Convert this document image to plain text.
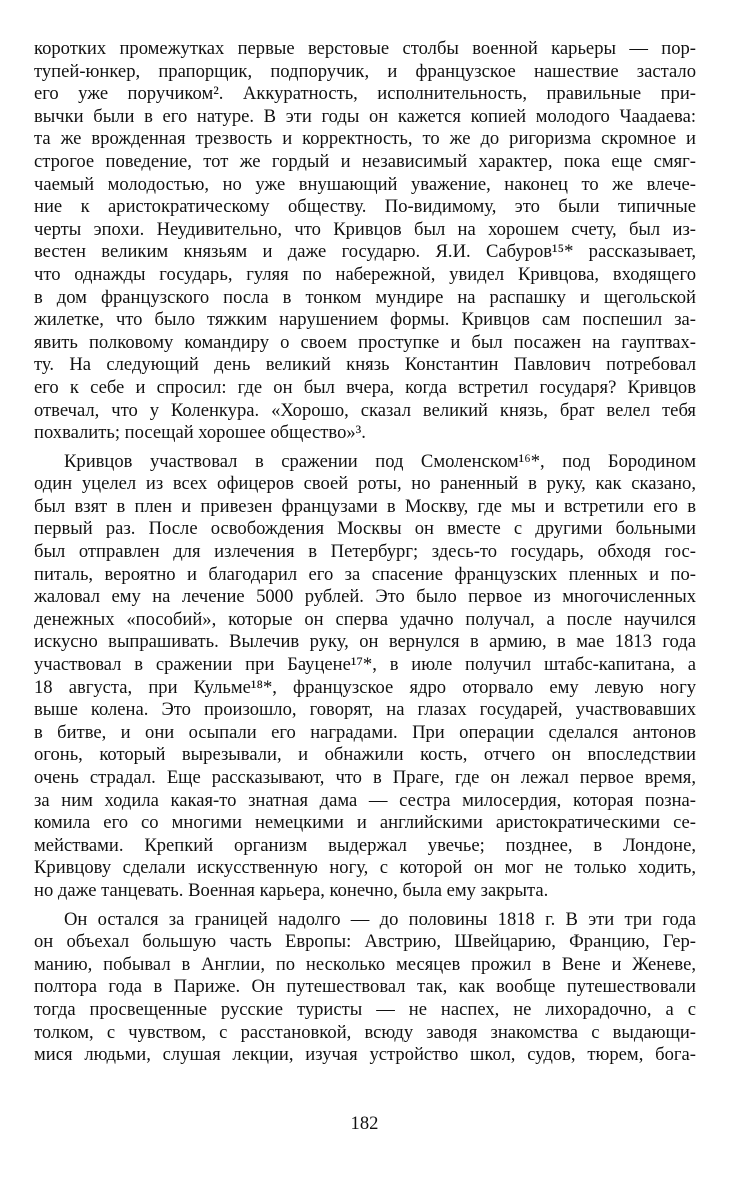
коротких промежутках первые верстовые столбы военной карьеры — пор-
тупей-юнкер, прапорщик, подпоручик, и французское нашествие застало
его уже поручиком². Аккуратность, исполнительность, правильные при-
вычки были в его натуре. В эти годы он кажется копией молодого Чаадаева:
та же врожденная трезвость и корректность, то же до ригоризма скромное и
строгое поведение, тот же гордый и независимый характер, пока еще смяг-
чаемый молодостью, но уже внушающий уважение, наконец то же влече-
ние к аристократическому обществу. По-видимому, это были типичные
черты эпохи. Неудивительно, что Кривцов был на хорошем счету, был из-
вестен великим князьям и даже государю. Я.И. Сабуров¹⁵* рассказывает,
что однажды государь, гуляя по набережной, увидел Кривцова, входящего
в дом французского посла в тонком мундире на распашку и щегольской
жилетке, что было тяжким нарушением формы. Кривцов сам поспешил за-
явить полковому командиру о своем проступке и был посажен на гауптвах-
ту. На следующий день великий князь Константин Павлович потребовал
его к себе и спросил: где он был вчера, когда встретил государя? Кривцов
отвечал, что у Коленкура. «Хорошо, сказал великий князь, брат велел тебя
похвалить; посещай хорошее общество»³.
Кривцов участвовал в сражении под Смоленском¹⁶*, под Бородином
один уцелел из всех офицеров своей роты, но раненный в руку, как сказано,
был взят в плен и привезен французами в Москву, где мы и встретили его в
первый раз. После освобождения Москвы он вместе с другими больными
был отправлен для излечения в Петербург; здесь-то государь, обходя гос-
питаль, вероятно и благодарил его за спасение французских пленных и по-
жаловал ему на лечение 5000 рублей. Это было первое из многочисленных
денежных «пособий», которые он сперва удачно получал, а после научился
искусно выпрашивать. Вылечив руку, он вернулся в армию, в мае 1813 года
участвовал в сражении при Бауцене¹⁷*, в июле получил штабс-капитана, а
18 августа, при Кульме¹⁸*, французское ядро оторвало ему левую ногу
выше колена. Это произошло, говорят, на глазах государей, участвовавших
в битве, и они осыпали его наградами. При операции сделался антонов
огонь, который вырезывали, и обнажили кость, отчего он впоследствии
очень страдал. Еще рассказывают, что в Праге, где он лежал первое время,
за ним ходила какая-то знатная дама — сестра милосердия, которая позна-
комила его со многими немецкими и английскими аристократическими се-
мействами. Крепкий организм выдержал увечье; позднее, в Лондоне,
Кривцову сделали искусственную ногу, с которой он мог не только ходить,
но даже танцевать. Военная карьера, конечно, была ему закрыта.
Он остался за границей надолго — до половины 1818 г. В эти три года
он объехал большую часть Европы: Австрию, Швейцарию, Францию, Гер-
манию, побывал в Англии, по несколько месяцев прожил в Вене и Женеве,
полтора года в Париже. Он путешествовал так, как вообще путешествовали
тогда просвещенные русские туристы — не наспех, не лихорадочно, а с
толком, с чувством, с расстановкой, всюду заводя знакомства с выдающи-
мися людьми, слушая лекции, изучая устройство школ, судов, тюрем, бога-
182
